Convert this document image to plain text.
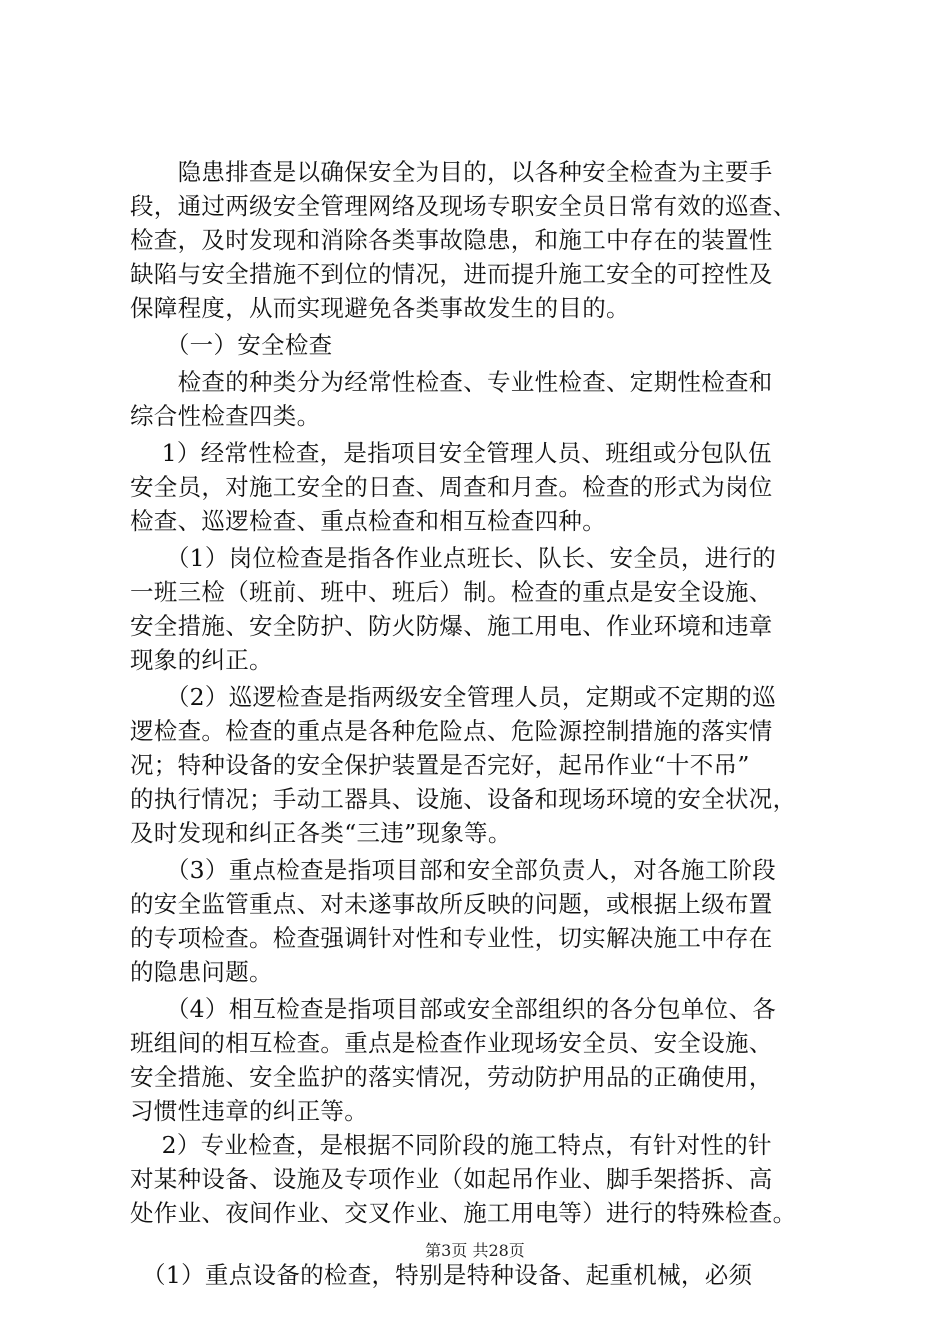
　　隐患排查是以确保安全为目的，以各种安全检查为主要手
段，通过两级安全管理网络及现场专职安全员日常有效的巡查、
检查，及时发现和消除各类事故隐患，和施工中存在的装置性
缺陷与安全措施不到位的情况，进而提升施工安全的可控性及
保障程度，从而实现避免各类事故发生的目的。
　　（一）安全检查
　　检查的种类分为经常性检查、专业性检查、定期性检查和
综合性检查四类。
　 1）经常性检查，是指项目安全管理人员、班组或分包队伍
安全员，对施工安全的日查、周查和月查。检查的形式为岗位
检查、巡逻检查、重点检查和相互检查四种。
　　（1）岗位检查是指各作业点班长、队长、安全员，进行的
一班三检（班前、班中、班后）制。检查的重点是安全设施、
安全措施、安全防护、防火防爆、施工用电、作业环境和违章
现象的纠正。
　　（2）巡逻检查是指两级安全管理人员，定期或不定期的巡
逻检查。检查的重点是各种危险点、危险源控制措施的落实情
况；特种设备的安全保护装置是否完好，起吊作业“十不吊”
的执行情况；手动工器具、设施、设备和现场环境的安全状况，
及时发现和纠正各类“三违”现象等。
　　（3）重点检查是指项目部和安全部负责人，对各施工阶段
的安全监管重点、对未遂事故所反映的问题，或根据上级布置
的专项检查。检查强调针对性和专业性，切实解决施工中存在
的隐患问题。
　　（4）相互检查是指项目部或安全部组织的各分包单位、各
班组间的相互检查。重点是检查作业现场安全员、安全设施、
安全措施、安全监护的落实情况，劳动防护用品的正确使用，
习惯性违章的纠正等。
　 2）专业检查，是根据不同阶段的施工特点，有针对性的针
对某种设备、设施及专项作业（如起吊作业、脚手架搭拆、高
处作业、夜间作业、交叉作业、施工用电等）进行的特殊检查。
　（1）重点设备的检查，特别是特种设备、起重机械，必须
第3页 共28页
